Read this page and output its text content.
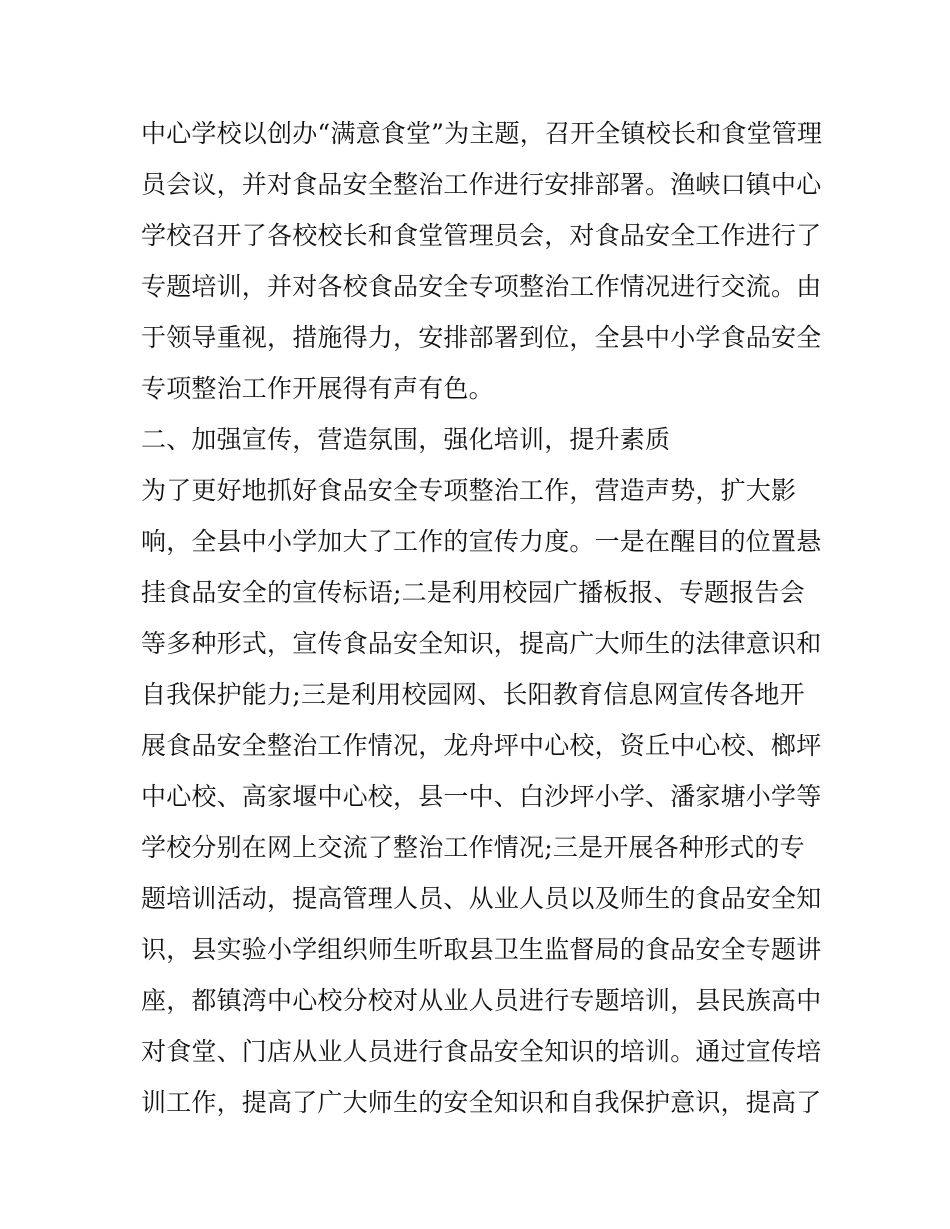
中心学校以创办“满意食堂”为主题，召开全镇校长和食堂管理
员会议，并对食品安全整治工作进行安排部署。渔峡口镇中心
学校召开了各校校长和食堂管理员会，对食品安全工作进行了
专题培训，并对各校食品安全专项整治工作情况进行交流。由
于领导重视，措施得力，安排部署到位，全县中小学食品安全
专项整治工作开展得有声有色。
二、加强宣传，营造氛围，强化培训，提升素质
为了更好地抓好食品安全专项整治工作，营造声势，扩大影
响，全县中小学加大了工作的宣传力度。一是在醒目的位置悬
挂食品安全的宣传标语;二是利用校园广播板报、专题报告会
等多种形式，宣传食品安全知识，提高广大师生的法律意识和
自我保护能力;三是利用校园网、长阳教育信息网宣传各地开
展食品安全整治工作情况，龙舟坪中心校，资丘中心校、榔坪
中心校、高家堰中心校，县一中、白沙坪小学、潘家塘小学等
学校分别在网上交流了整治工作情况;三是开展各种形式的专
题培训活动，提高管理人员、从业人员以及师生的食品安全知
识，县实验小学组织师生听取县卫生监督局的食品安全专题讲
座，都镇湾中心校分校对从业人员进行专题培训，县民族高中
对食堂、门店从业人员进行食品安全知识的培训。通过宣传培
训工作，提高了广大师生的安全知识和自我保护意识，提高了
